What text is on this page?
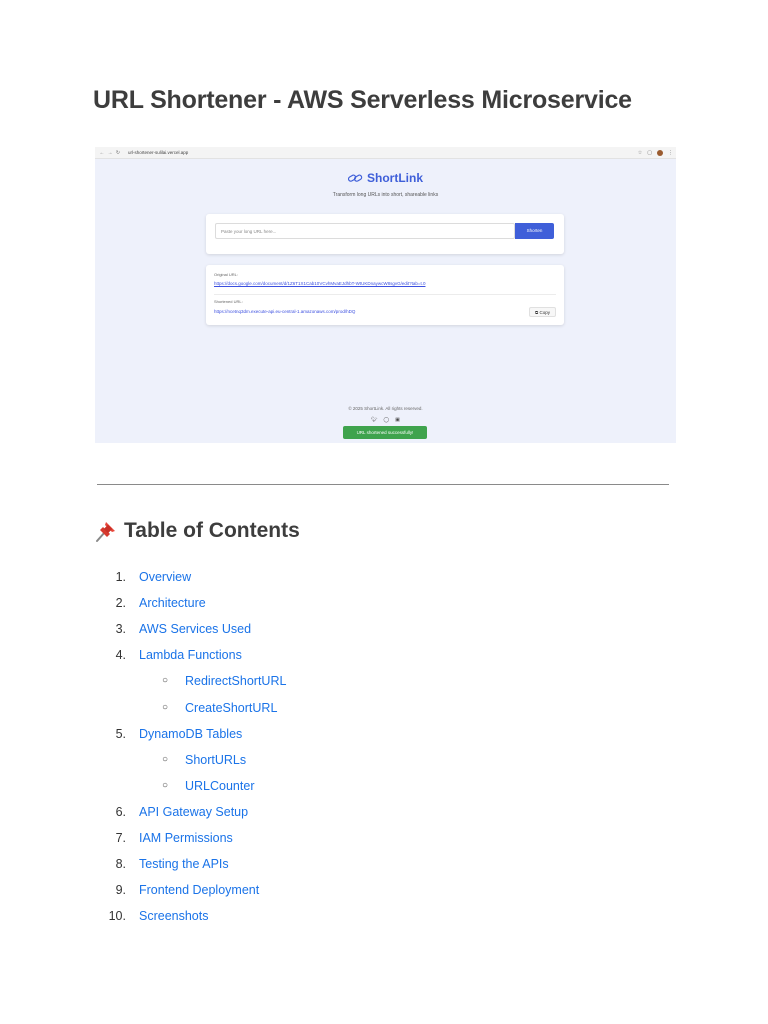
URL Shortener - AWS Serverless Microservice
← → ↻	url-shortener-sulilai.vercel.app	☆ ▢	⋮
ShortLink
Transform long URLs into short, shareable links
Paste your long URL here...	Shorten
Original URL:
https://docs.google.com/document/d/1Z6T1X1Cab10VCvhMvaEJdhbT-WtUKDnaywcW8sgvG/edit?tab=t.0
Shortened URL:
https://ncetnq3dm.execute-api.eu-central-1.amazonaws.com/prod/hDQ	⧉ Copy
© 2025 ShortLink. All rights reserved.
🐦︎ ◯ ▣
URL shortened successfully!
Table of Contents
1. Overview
2. Architecture
3. AWS Services Used
4. Lambda Functions
○ RedirectShortURL
○ CreateShortURL
5. DynamoDB Tables
○ ShortURLs
○ URLCounter
6. API Gateway Setup
7. IAM Permissions
8. Testing the APIs
9. Frontend Deployment
10. Screenshots
